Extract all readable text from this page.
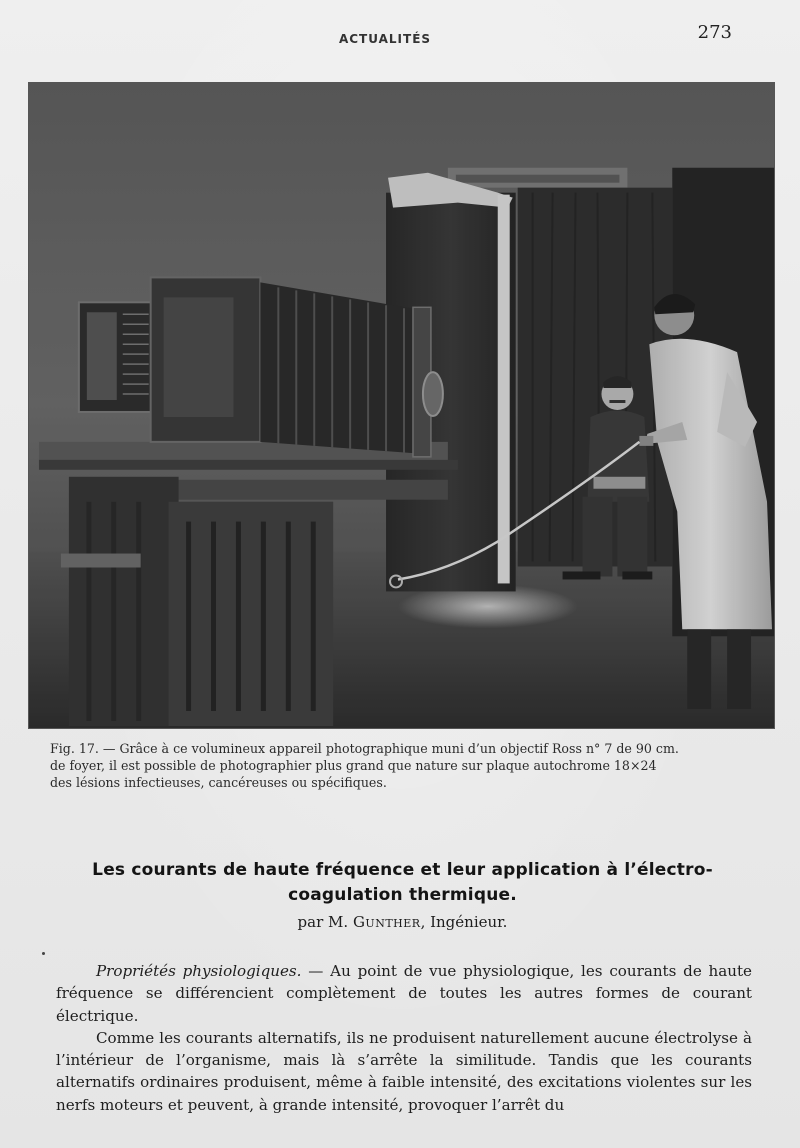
ACTUALITÉS	273
Fig. 17. — Grâce à ce volumineux appareil photographique muni d’un objectif Ross n° 7 de 90 cm.
de foyer, il est possible de photographier plus grand que nature sur plaque autochrome 18×24
des lésions infectieuses, cancéreuses ou spécifiques.
Les courants de haute fréquence et leur application à l’électro-
coagulation thermique.
par M. Gunther, Ingénieur.

Propriétés physiologiques. — Au point de vue physiologique, les courants de haute fréquence se différencient complètement de toutes les autres formes de courant électrique.

Comme les courants alternatifs, ils ne produisent naturellement aucune électrolyse à l’intérieur de l’organisme, mais là s’arrête la similitude. Tandis que les courants alternatifs ordinaires produisent, même à faible intensité, des excitations violentes sur les nerfs moteurs et peuvent, à grande intensité, provoquer l’arrêt du
